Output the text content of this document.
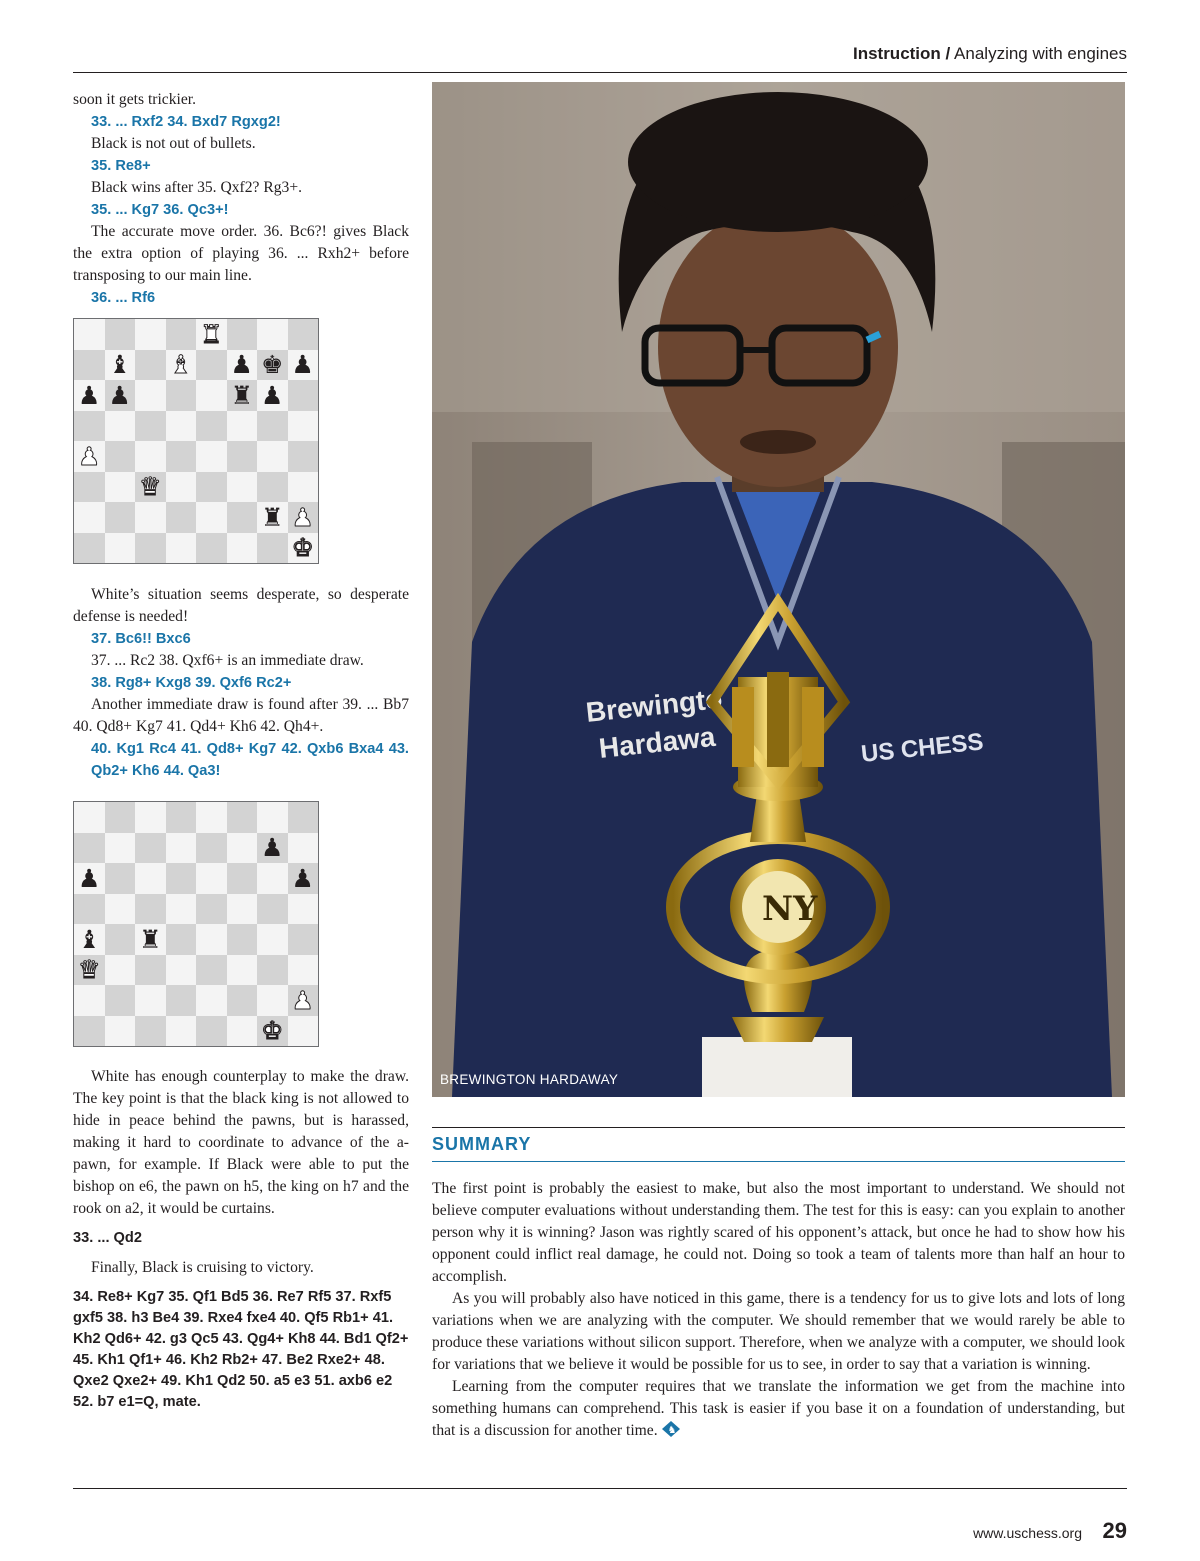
Instruction / Analyzing with engines

soon it gets trickier.

33. ... Rxf2 34. Bxd7 Rgxg2!

Black is not out of bullets.

35. Re8+

Black wins after 35. Qxf2? Rg3+.

35. ... Kg7 36. Qc3+!

The accurate move order. 36. Bc6?! gives Black the extra option of playing 36. ... Rxh2+ before transposing to our main line.

36. ... Rf6
♜
♝ ♝ ♟ ♚ ♟
♟ ♟	♜ ♟
♟
♛
♜ ♟
♚

White’s situation seems desperate, so desperate defense is needed!

37. Bc6!! Bxc6

37. ... Rc2 38. Qxf6+ is an immediate draw.

38. Rg8+ Kxg8 39. Qxf6 Rc2+

Another immediate draw is found after 39. ... Bb7 40. Qd8+ Kg7 41. Qd4+ Kh6 42. Qh4+.

40. Kg1 Rc4 41. Qd8+ Kg7 42. Qxb6 Bxa4 43. Qb2+ Kh6 44. Qa3!
♟
♟	♟
♝ ♜
♛
♟
♚

White has enough counterplay to make the draw. The key point is that the black king is not allowed to hide in peace behind the pawns, but is harassed, making it hard to coordinate to advance of the a-pawn, for example. If Black were able to put the bishop on e6, the pawn on h5, the king on h7 and the rook on a2, it would be curtains.

33. ... Qd2

Finally, Black is cruising to victory.

34. Re8+ Kg7 35. Qf1 Bd5 36. Re7 Rf5 37. Rxf5 gxf5 38. h3 Be4 39. Rxe4 fxe4 40. Qf5 Rb1+ 41. Kh2 Qd6+ 42. g3 Qc5 43. Qg4+ Kh8 44. Bd1 Qf2+ 45. Kh1 Qf1+ 46. Kh2 Rb2+ 47. Be2 Rxe2+ 48. Qxe2 Qxe2+ 49. Kh1 Qd2 50. a5 e3 51. axb6 e2 52. b7 e1=Q, mate.
Brewingto
Hardawa	US CHESS
NY
BREWINGTON HARDAWAY
SUMMARY

The first point is probably the easiest to make, but also the most important to understand. We should not believe computer evaluations without understanding them. The test for this is easy: can you explain to another person why it is winning? Jason was rightly scared of his opponent’s attack, but once he had to show how his opponent could inflict real damage, he could not. Doing so took a team of talents more than half an hour to accomplish.

As you will probably also have noticed in this game, there is a tendency for us to give lots and lots of long variations when we are analyzing with the computer. We should remember that we would rarely be able to produce these variations without silicon support. Therefore, when we analyze with a computer, we should look for variations that we believe it would be possible for us to see, in order to say that a variation is winning.

Learning from the computer requires that we translate the information we get from the machine into something humans can comprehend. This task is easier if you base it on a foundation of understanding, but that is a discussion for another time. ♞

www.uschess.org 29
